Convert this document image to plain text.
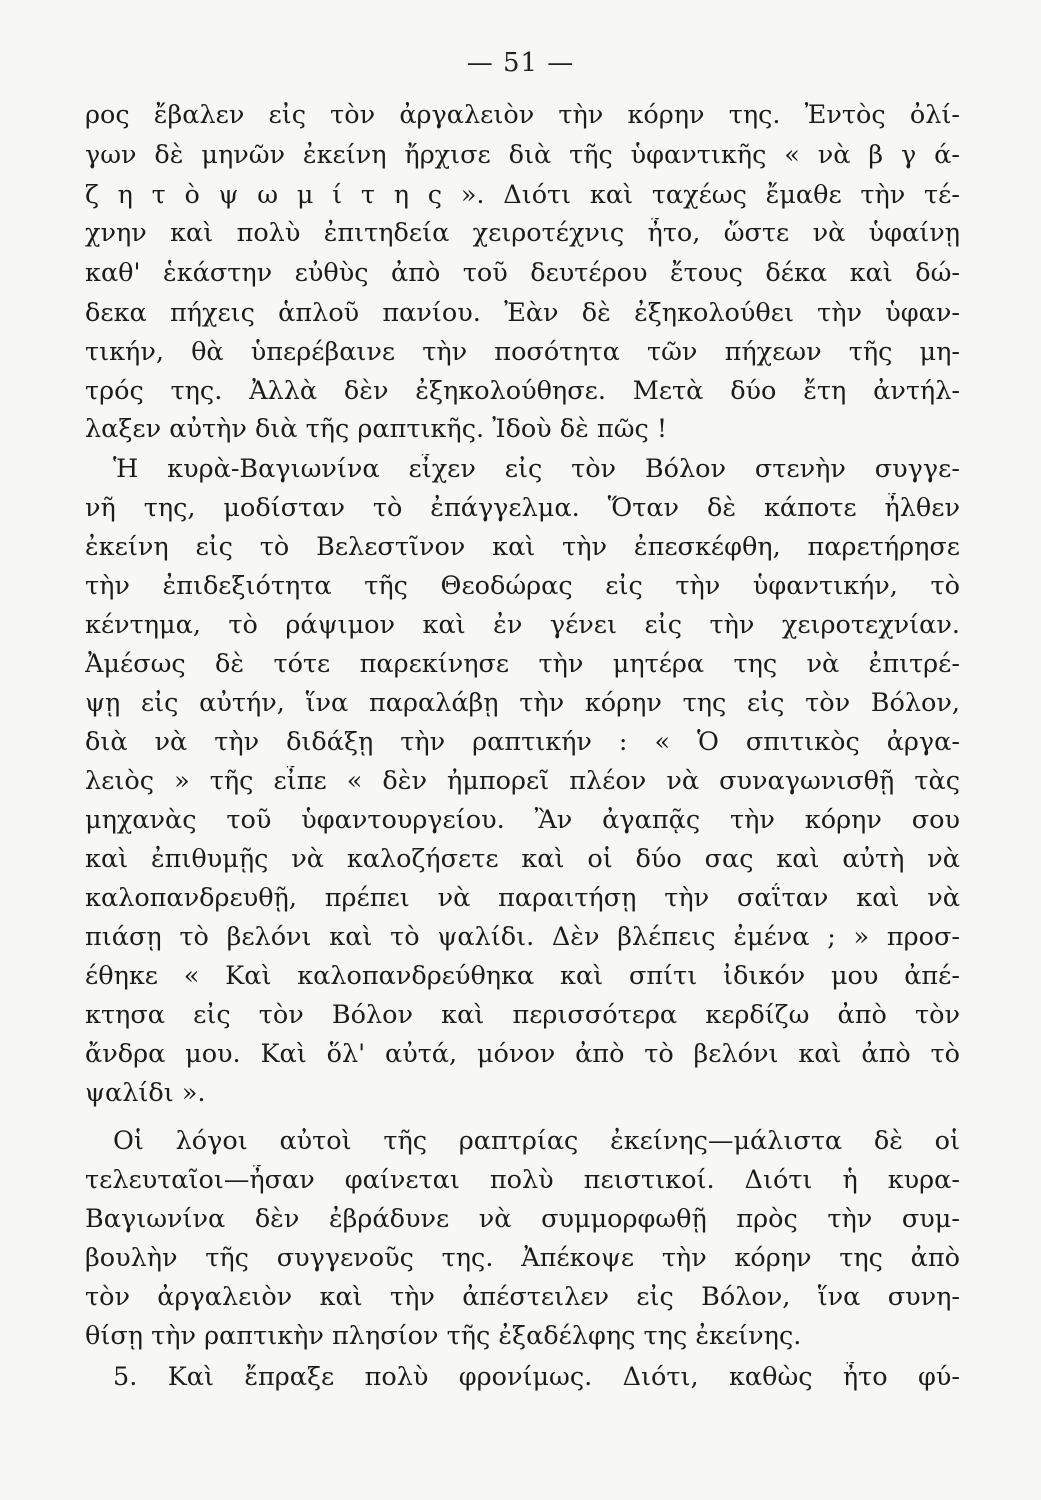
— 51 —
ρος ἔβαλεν εἰς τὸν ἀργαλειὸν τὴν κόρην της. Ἐντὸς ὀλί-
γων δὲ μηνῶν ἐκείνη ἤρχισε διὰ τῆς ὑφαντικῆς « νὰ β γ ά-
ζ η τ ὸ ψ ω μ ί τ η ς ». Διότι καὶ ταχέως ἔμαθε τὴν τέ-
χνην καὶ πολὺ ἐπιτηδεία χειροτέχνις ἦτο, ὥστε νὰ ὑφαίνῃ
καθ' ἑκάστην εὐθὺς ἀπὸ τοῦ δευτέρου ἔτους δέκα καὶ δώ-
δεκα πήχεις ἁπλοῦ πανίου. Ἐὰν δὲ ἐξηκολούθει τὴν ὑφαν-
τικήν, θὰ ὑπερέβαινε τὴν ποσότητα τῶν πήχεων τῆς μη-
τρός της. Ἀλλὰ δὲν ἐξηκολούθησε. Μετὰ δύο ἔτη ἀντήλ-
λαξεν αὐτὴν διὰ τῆς ραπτικῆς. Ἰδοὺ δὲ πῶς !
Ἡ κυρὰ-Βαγιωνίνα εἶχεν εἰς τὸν Βόλον στενὴν συγγε-
νῆ της, μοδίσταν τὸ ἐπάγγελμα. Ὅταν δὲ κάποτε ἦλθεν
ἐκείνη εἰς τὸ Βελεστῖνον καὶ τὴν ἐπεσκέφθη, παρετήρησε
τὴν ἐπιδεξιότητα τῆς Θεοδώρας εἰς τὴν ὑφαντικήν, τὸ
κέντημα, τὸ ράψιμον καὶ ἐν γένει εἰς τὴν χειροτεχνίαν.
Ἀμέσως δὲ τότε παρεκίνησε τὴν μητέρα της νὰ ἐπιτρέ-
ψῃ εἰς αὐτήν, ἵνα παραλάβῃ τὴν κόρην της εἰς τὸν Βόλον,
διὰ νὰ τὴν διδάξῃ τὴν ραπτικήν : « Ὁ σπιτικὸς ἀργα-
λειὸς » τῆς εἶπε « δὲν ἠμπορεῖ πλέον νὰ συναγωνισθῇ τὰς
μηχανὰς τοῦ ὑφαντουργείου. Ἂν ἀγαπᾷς τὴν κόρην σου
καὶ ἐπιθυμῇς νὰ καλοζήσετε καὶ οἱ δύο σας καὶ αὐτὴ νὰ
καλοπανδρευθῇ, πρέπει νὰ παραιτήσῃ τὴν σαΐταν καὶ νὰ
πιάσῃ τὸ βελόνι καὶ τὸ ψαλίδι. Δὲν βλέπεις ἐμένα ; » προσ-
έθηκε « Καὶ καλοπανδρεύθηκα καὶ σπίτι ἰδικόν μου ἀπέ-
κτησα εἰς τὸν Βόλον καὶ περισσότερα κερδίζω ἀπὸ τὸν
ἄνδρα μου. Καὶ ὅλ' αὐτά, μόνον ἀπὸ τὸ βελόνι καὶ ἀπὸ τὸ
ψαλίδι ».
Οἱ λόγοι αὐτοὶ τῆς ραπτρίας ἐκείνης—μάλιστα δὲ οἱ
τελευταῖοι—ἦσαν φαίνεται πολὺ πειστικοί. Διότι ἡ κυρα-
Βαγιωνίνα δὲν ἐβράδυνε νὰ συμμορφωθῇ πρὸς τὴν συμ-
βουλὴν τῆς συγγενοῦς της. Ἀπέκοψε τὴν κόρην της ἀπὸ
τὸν ἀργαλειὸν καὶ τὴν ἀπέστειλεν εἰς Βόλον, ἵνα συνη-
θίσῃ τὴν ραπτικὴν πλησίον τῆς ἐξαδέλφης της ἐκείνης.
5. Καὶ ἔπραξε πολὺ φρονίμως. Διότι, καθὼς ἦτο φύ-
